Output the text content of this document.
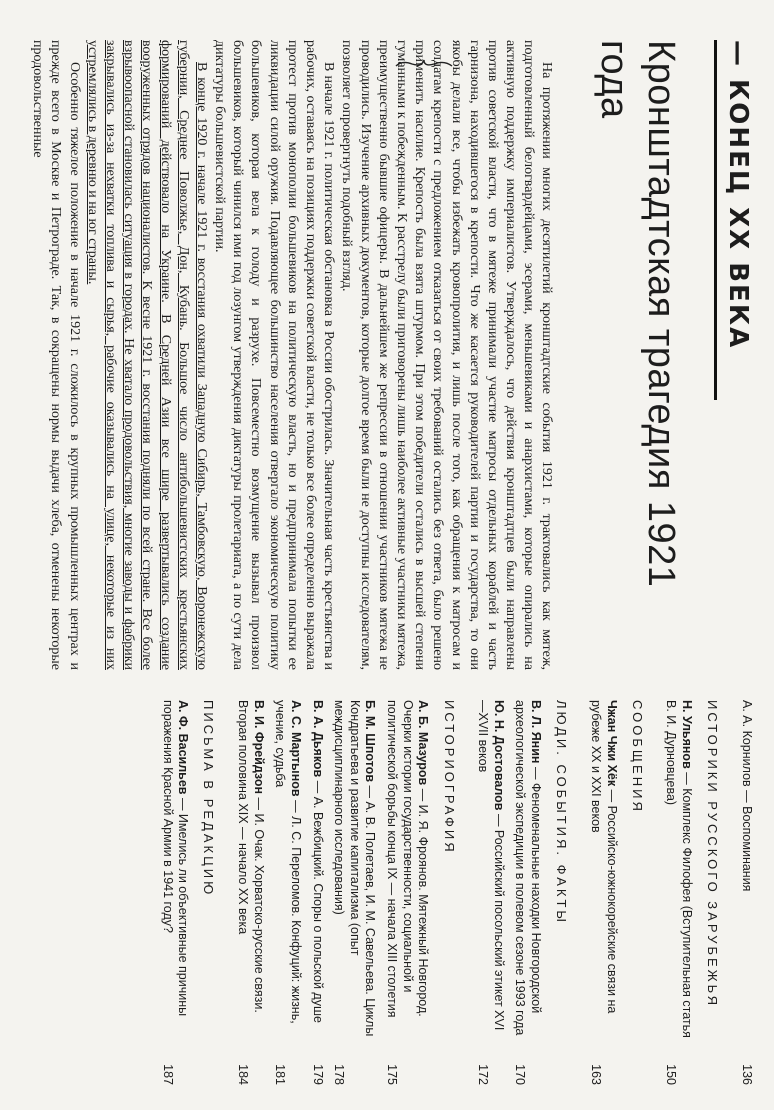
— КОНЕЦ XX ВЕКА
Кронштадтская трагедия 1921 года

На протяжении многих десятилетий кронштадтские события 1921 г. трактовались как мятеж, подготовленный белогвардейцами, эсерами, меньшевиками и анархистами, которые опирались на активную поддержку империалистов. Утверждалось, что действия кронштадтцев были направлены против советской власти, что в мятеже принимали участие матросы отдельных кораблей и часть гарнизона, находившегося в крепости. Что же касается руководителей партии и государства, то они якобы делали все, чтобы избежать кровопролития, и лишь после того, как обращения к матросам и солдатам крепости с предложением отказаться от своих требований остались без ответа, было решено применить насилие. Крепость была взята штурмом. При этом победители остались в высшей степени гуманными к побежденным. К расстрелу были приговорены лишь наиболее активные участники мятежа, преимущественно бывшие офицеры. В дальнейшем же репрессии в отношении участников мятежа не проводились. Изучение архивных документов, которые долгое время были не доступны исследователям, позволяет опровергнуть подобный взгляд.

В начале 1921 г. политическая обстановка в России обострилась. Значительная часть крестьянства и рабочих, оставаясь на позициях поддержки советской власти, не только все более определенно выражала протест против монополии большевиков на политическую власть, но и предпринимала попытки ее ликвидации силой оружия. Подавляющее большинство населения отвергало экономическую политику большевиков, которая вела к голоду и разрухе. Повсеместно возмущение вызывал произвол большевиков, который чинился ими под лозунгом утверждения диктатуры пролетариата, а по сути дела диктатуры большевистской партии.

В конце 1920 г. начале 1921 г. восстания охватили Западную Сибирь, Тамбовскую, Воронежскую губернии, Среднее Поволжье, Дон, Кубань. Большое число антибольшевистских крестьянских формирований действовало на Украине. В Средней Азии все шире развертывались создание вооруженных отрядов националистов. К весне 1921 г. восстания подняли по всей стране. Все более взрывоопасной становилась ситуация в городах. Не хватало продовольствия, многие заводы и фабрики закрывались из-за нехватки топлива и сырья, рабочие оказывались на улице, некоторые из них устремлялись в деревню и на юг страны.

Особенно тяжелое положение в начале 1921 г. сложилось в крупных промышленных центрах и прежде всего в Москве и Петрограде. Так, в сокращены нормы выдачи хлеба, отменены некоторые продовольственные

А. А. Корнилов — Воспоминания
136
ИСТОРИКИ РУССКОГО ЗАРУБЕЖЬЯ
Н. Ульянов — Комплекс Филофея (Вступительная статья В. И. Дурновцева)
150
СООБЩЕНИЯ
Чжан Чжи Хёк — Российско-южнокорейские связи на рубеже XX и XXI веков
163
ЛЮДИ. СОБЫТИЯ. ФАКТЫ
В. Л. Янин — Феноменальные находки Новгородской археологической экспедиции в полевом сезоне 1993 года
170
Ю. Н. Достовалов — Российский посольский этикет XVI—XVII веков
172
ИСТОРИОГРАФИЯ
А. Б. Мазуров — И. Я. Фроянов. Мятежный Новгород. Очерки истории государственности, социальной и политической борьбы конца IX — начала XIII столетия
175
Б. М. Шпотов — А. В. Полетаев, И. М. Савельева. Циклы Кондратьева и развитие капитализма (опыт междисциплинарного исследования)
178
В. А. Дьяков — А. Вежбицкий. Споры о польской душе
179
А. С. Мартынов — Л. С. Переломов. Конфуций: жизнь, учение, судьба
181
В. И. Фрейдзон — И. Очак. Хорватско-русские связи. Вторая половина XIX — начало XX века
184
ПИСЬМА В РЕДАКЦИЮ
А. Ф. Васильев — Имелись ли объективные причины поражения Красной Армии в 1941 году?
187
